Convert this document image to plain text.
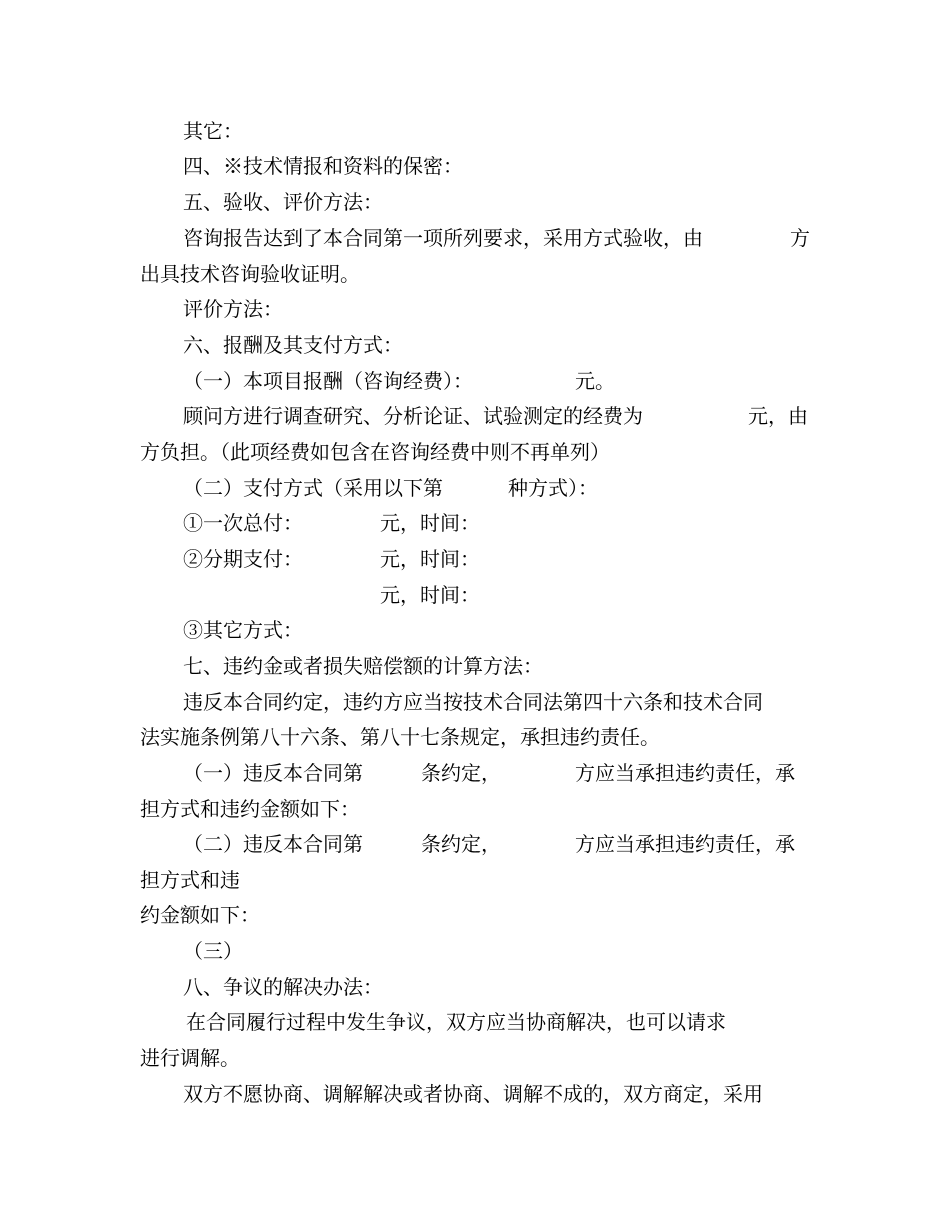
其它：
四、※技术情报和资料的保密：
五、验收、评价方法：
咨询报告达到了本合同第一项所列要求，采用方式验收，由	方
出具技术咨询验收证明。
评价方法：
六、报酬及其支付方式：
（一）本项目报酬（咨询经费）：	元。
顾问方进行调查研究、分析论证、试验测定的经费为	元，由
方负担。（此项经费如包含在咨询经费中则不再单列）
（二）支付方式（采用以下第	种方式）：
①一次总付：	元，时间：
②分期支付：	元，时间：
元，时间：
③其它方式：
七、违约金或者损失赔偿额的计算方法：
违反本合同约定，违约方应当按技术合同法第四十六条和技术合同
法实施条例第八十六条、第八十七条规定，承担违约责任。
（一）违反本合同第	条约定，	方应当承担违约责任，承
担方式和违约金额如下：
（二）违反本合同第	条约定，	方应当承担违约责任，承
担方式和违
约金额如下：
（三）
八、争议的解决办法：
在合同履行过程中发生争议，双方应当协商解决，也可以请求
进行调解。
双方不愿协商、调解解决或者协商、调解不成的，双方商定，采用
